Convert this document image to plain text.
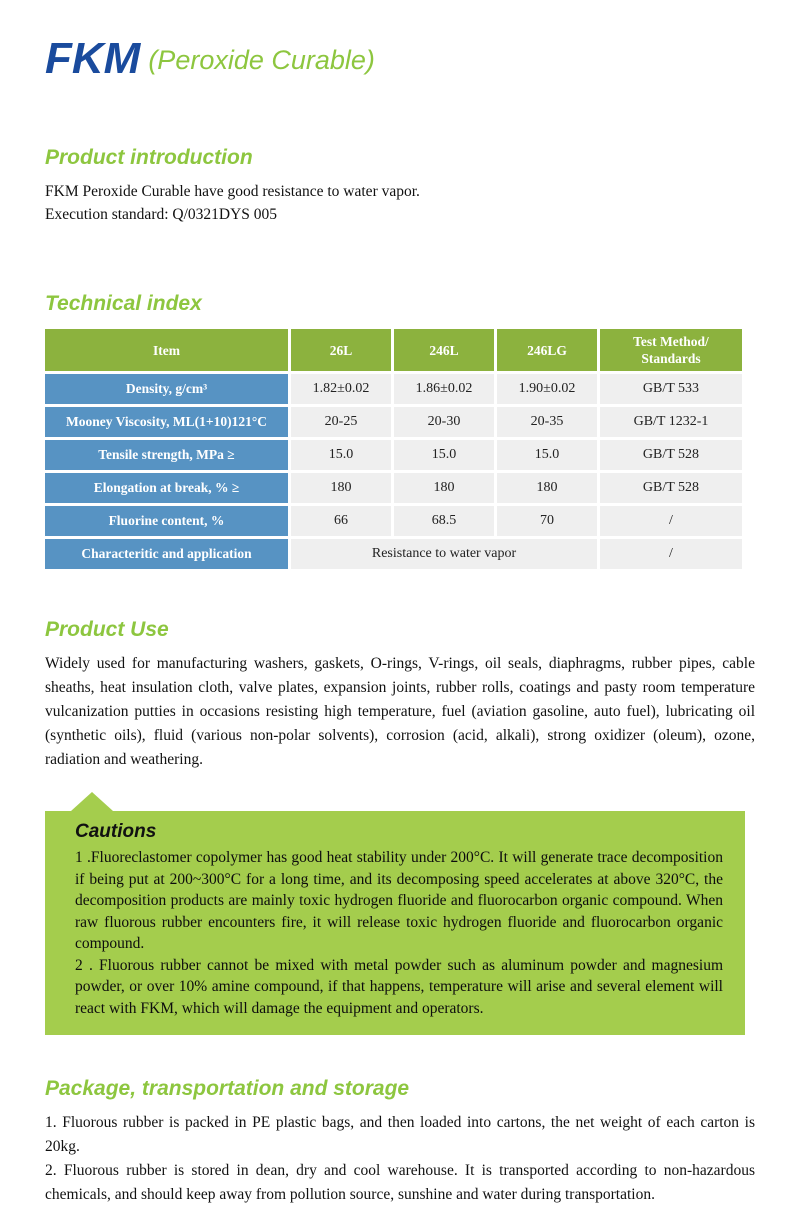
FKM (Peroxide Curable)
Product introduction

FKM Peroxide Curable have good resistance to water vapor.

Execution standard: Q/0321DYS 005

Technical index
Item	26L	246L	246LG	Test Method/ Standards
Density, g/cm³	1.82±0.02	1.86±0.02	1.90±0.02	GB/T 533
Mooney Viscosity, ML(1+10)121°C	20-25	20-30	20-35	GB/T 1232-1
Tensile strength, MPa ≥	15.0	15.0	15.0	GB/T 528
Elongation at break, % ≥	180	180	180	GB/T 528
Fluorine content, %	66	68.5	70	/
Characteritic and application	Resistance to water vapor			/
Product Use

Widely used for manufacturing washers, gaskets, O-rings, V-rings, oil seals, diaphragms, rubber pipes, cable sheaths, heat insulation cloth, valve plates, expansion joints, rubber rolls, coatings and pasty room temperature vulcanization putties in occasions resisting high temperature, fuel (aviation gasoline, auto fuel), lubricating oil (synthetic oils), fluid (various non-polar solvents), corrosion (acid, alkali), strong oxidizer (oleum), ozone, radiation and weathering.

Cautions

1 .Fluoreclastomer copolymer has good heat stability under 200°C. It will generate trace decomposition if being put at 200~300°C for a long time, and its decomposing speed accelerates at above 320°C, the decomposition products are mainly toxic hydrogen fluoride and fluorocarbon organic compound. When raw fluorous rubber encounters fire, it will release toxic hydrogen fluoride and fluorocarbon organic compound.

2 . Fluorous rubber cannot be mixed with metal powder such as aluminum powder and magnesium powder, or over 10% amine compound, if that happens, temperature will arise and several element will react with FKM, which will damage the equipment and operators.

Package, transportation and storage

1. Fluorous rubber is packed in PE plastic bags, and then loaded into cartons, the net weight of each carton is 20kg.

2. Fluorous rubber is stored in dean, dry and cool warehouse. It is transported according to non-hazardous chemicals, and should keep away from pollution source, sunshine and water during transportation.
